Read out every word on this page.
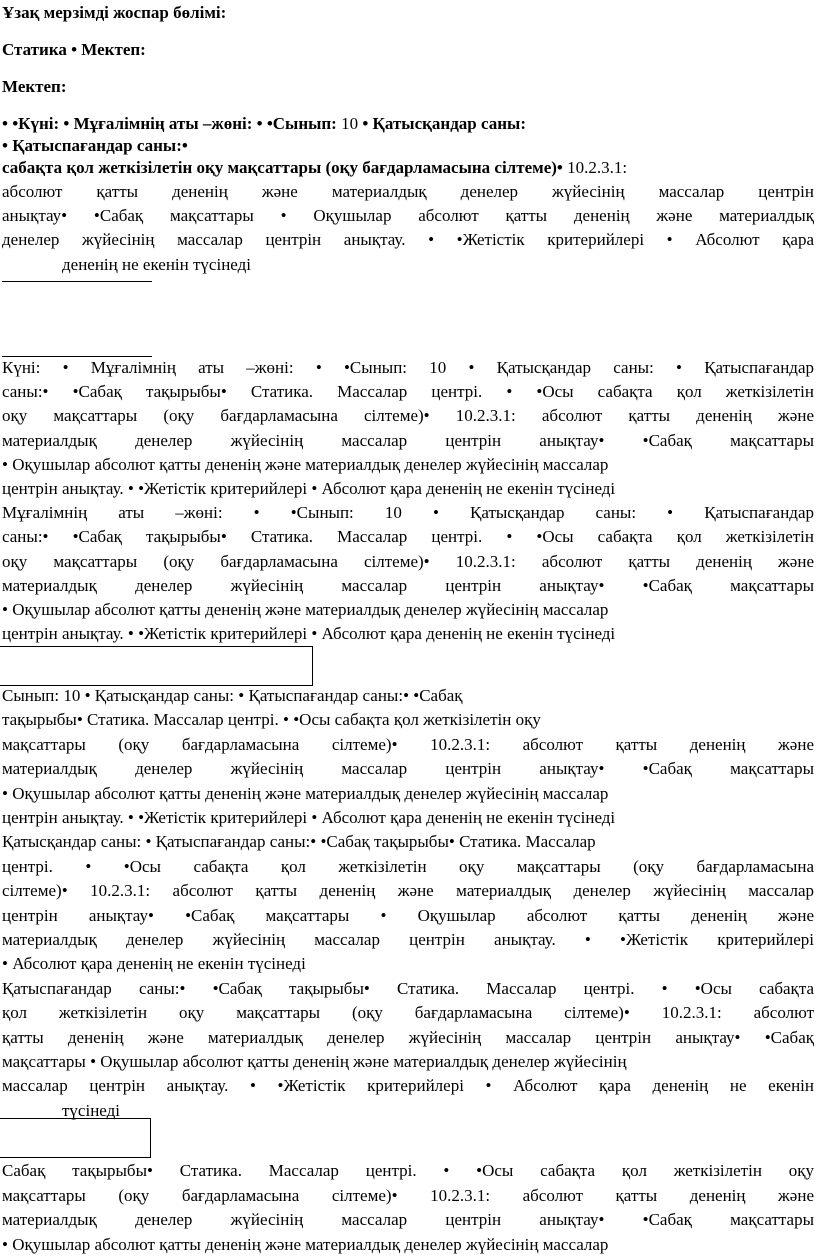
Ұзақ мерзімді жоспар бөлімі:
Статика • Мектеп:
Мектеп:
• •Күні: • Мұғалімнің аты –жөні: • •Сынып: 10 • Қатысқандар саны:
• Қатыспағандар саны:•
сабақта қол жеткізілетін оқу мақсаттары (оқу бағдарламасына сілтеме)• 10.2.3.1:
абсолют қатты дененің және материалдық денелер жүйесінің массалар центрін
анықтау• •Сабақ мақсаттары • Оқушылар абсолют қатты дененің және материалдық
денелер жүйесінің массалар центрін анықтау. • •Жетістік критерийлері • Абсолют қара
дененің не екенін түсінеді
Күні: • Мұғалімнің аты –жөні: • •Сынып: 10 • Қатысқандар саны: • Қатыспағандар
саны:• •Сабақ тақырыбы• Статика. Массалар центрі. • •Осы сабақта қол жеткізілетін
оқу мақсаттары (оқу бағдарламасына сілтеме)• 10.2.3.1: абсолют қатты дененің және
материалдық денелер жүйесінің массалар центрін анықтау• •Сабақ мақсаттары
• Оқушылар абсолют қатты дененің және материалдық денелер жүйесінің массалар
центрін анықтау. • •Жетістік критерийлері • Абсолют қара дененің не екенін түсінеді
Мұғалімнің аты –жөні: • •Сынып: 10 • Қатысқандар саны: • Қатыспағандар
саны:• •Сабақ тақырыбы• Статика. Массалар центрі. • •Осы сабақта қол жеткізілетін
оқу мақсаттары (оқу бағдарламасына сілтеме)• 10.2.3.1: абсолют қатты дененің және
материалдық денелер жүйесінің массалар центрін анықтау• •Сабақ мақсаттары
• Оқушылар абсолют қатты дененің және материалдық денелер жүйесінің массалар
центрін анықтау. • •Жетістік критерийлері • Абсолют қара дененің не екенін түсінеді
Сынып: 10 • Қатысқандар саны: • Қатыспағандар саны:• •Сабақ
тақырыбы• Статика. Массалар центрі. • •Осы сабақта қол жеткізілетін оқу
мақсаттары (оқу бағдарламасына сілтеме)• 10.2.3.1: абсолют қатты дененің және
материалдық денелер жүйесінің массалар центрін анықтау• •Сабақ мақсаттары
• Оқушылар абсолют қатты дененің және материалдық денелер жүйесінің массалар
центрін анықтау. • •Жетістік критерийлері • Абсолют қара дененің не екенін түсінеді
Қатысқандар саны: • Қатыспағандар саны:• •Сабақ тақырыбы• Статика. Массалар
центрі. • •Осы сабақта қол жеткізілетін оқу мақсаттары (оқу бағдарламасына
сілтеме)• 10.2.3.1: абсолют қатты дененің және материалдық денелер жүйесінің массалар
центрін анықтау• •Сабақ мақсаттары • Оқушылар абсолют қатты дененің және
материалдық денелер жүйесінің массалар центрін анықтау. • •Жетістік критерийлері
• Абсолют қара дененің не екенін түсінеді
Қатыспағандар саны:• •Сабақ тақырыбы• Статика. Массалар центрі. • •Осы сабақта
қол жеткізілетін оқу мақсаттары (оқу бағдарламасына сілтеме)• 10.2.3.1: абсолют
қатты дененің және материалдық денелер жүйесінің массалар центрін анықтау• •Сабақ
мақсаттары • Оқушылар абсолют қатты дененің және материалдық денелер жүйесінің
массалар центрін анықтау. • •Жетістік критерийлері • Абсолют қара дененің не екенін
түсінеді
Сабақ тақырыбы• Статика. Массалар центрі. • •Осы сабақта қол жеткізілетін оқу
мақсаттары (оқу бағдарламасына сілтеме)• 10.2.3.1: абсолют қатты дененің және
материалдық денелер жүйесінің массалар центрін анықтау• •Сабақ мақсаттары
• Оқушылар абсолют қатты дененің және материалдық денелер жүйесінің массалар
